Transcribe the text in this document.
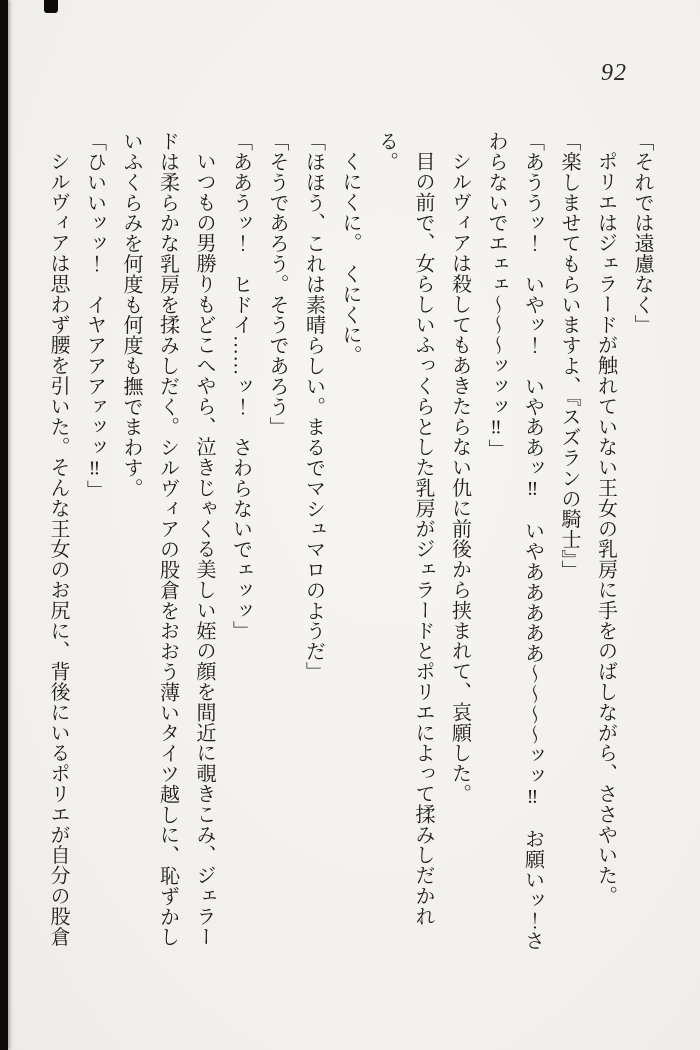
92

「それでは遠慮なく」

ポリエはジェラードが触れていない王女の乳房に手をのばしながら、ささやいた。

「楽しませてもらいますよ、『スズランの騎士』」

「あううッ！　いやッ！　いやああッ‼　いやあああああ〜〜〜〜ッッ‼　お願いッ！さわらないでエェェ〜〜〜ッッッ‼」

シルヴィアは殺してもあきたらない仇に前後から挟まれて、哀願した。

目の前で、女らしいふっくらとした乳房がジェラードとポリエによって揉みしだかれる。

くにくに。　くにくに。

「ほほう、これは素晴らしい。まるでマシュマロのようだ」

「そうであろう。そうであろう」

「ああうッ！　ヒドイ……ッ！　さわらないでェッッ」

いつもの男勝りもどこへやら、泣きじゃくる美しい姪の顔を間近に覗きこみ、ジェラードは柔らかな乳房を揉みしだく。シルヴィアの股倉をおおう薄いタイツ越しに、恥ずかしいふくらみを何度も何度も撫でまわす。

「ひいいッッ！　イヤアアアァッッ‼」

シルヴィアは思わず腰を引いた。そんな王女のお尻に、背後にいるポリエが自分の股倉
